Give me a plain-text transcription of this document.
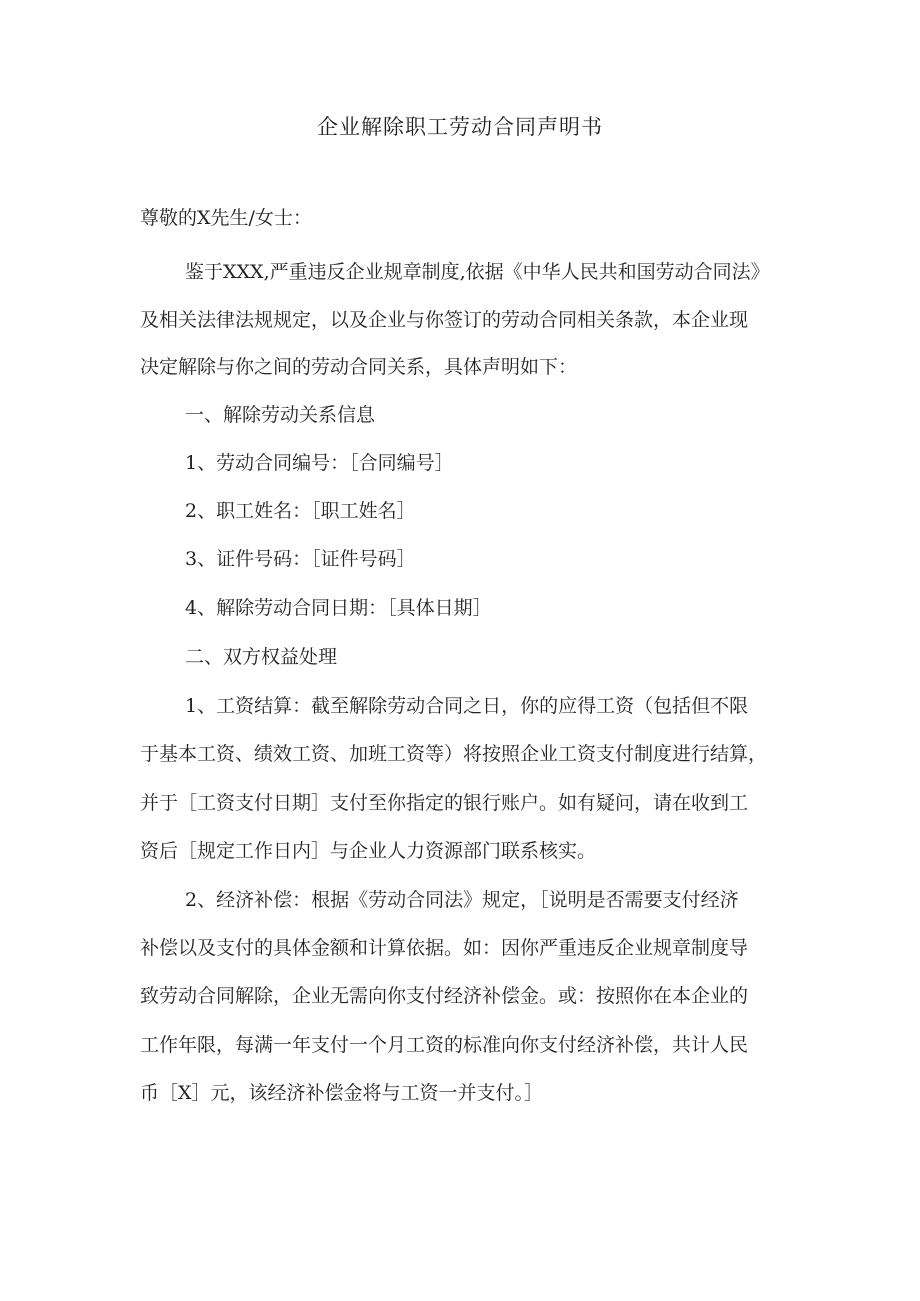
企业解除职工劳动合同声明书
尊敬的X先生/女士：
鉴于XXX,严重违反企业规章制度,依据《中华人民共和国劳动合同法》
及相关法律法规规定，以及企业与你签订的劳动合同相关条款，本企业现
决定解除与你之间的劳动合同关系，具体声明如下：
一、解除劳动关系信息
1、劳动合同编号：［合同编号］
2、职工姓名：［职工姓名］
3、证件号码：［证件号码］
4、解除劳动合同日期：［具体日期］
二、双方权益处理
1、工资结算：截至解除劳动合同之日，你的应得工资（包括但不限
于基本工资、绩效工资、加班工资等）将按照企业工资支付制度进行结算，
并于［工资支付日期］支付至你指定的银行账户。如有疑问，请在收到工
资后［规定工作日内］与企业人力资源部门联系核实。
2、经济补偿：根据《劳动合同法》规定，［说明是否需要支付经济
补偿以及支付的具体金额和计算依据。如：因你严重违反企业规章制度导
致劳动合同解除，企业无需向你支付经济补偿金。或：按照你在本企业的
工作年限，每满一年支付一个月工资的标准向你支付经济补偿，共计人民
币［X］元，该经济补偿金将与工资一并支付。］
